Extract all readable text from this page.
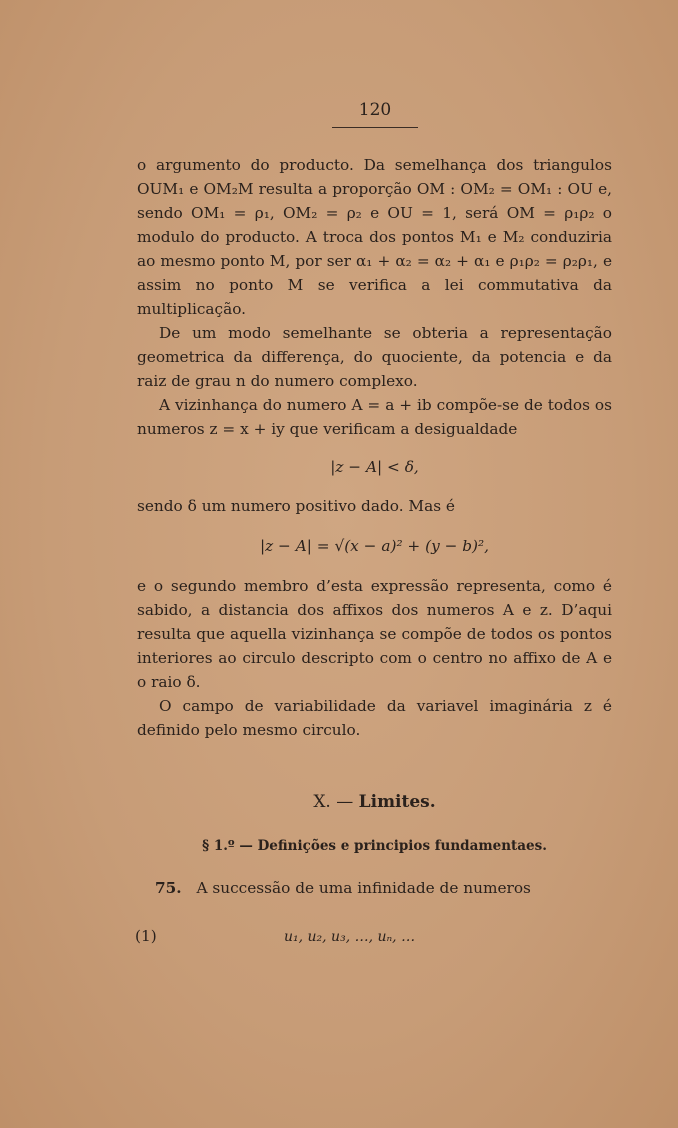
120

o argumento do producto. Da semelhança dos triangulos OUM₁ e OM₂M resulta a proporção OM : OM₂ = OM₁ : OU e, sendo OM₁ = ρ₁, OM₂ = ρ₂ e OU = 1, será OM = ρ₁ρ₂ o modulo do producto. A troca dos pontos M₁ e M₂ conduziria ao mesmo ponto M, por ser α₁ + α₂ = α₂ + α₁ e ρ₁ρ₂ = ρ₂ρ₁, e assim no ponto M se verifica a lei commutativa da multiplicação.

De um modo semelhante se obteria a representação geometrica da differença, do quociente, da potencia e da raiz de grau n do numero complexo.

A vizinhança do numero A = a + ib compõe-se de todos os numeros z = x + iy que verificam a desigualdade

|z − A| < δ,

sendo δ um numero positivo dado. Mas é

|z − A| = √(x − a)² + (y − b)²,

e o segundo membro d’esta expressão representa, como é sabido, a distancia dos affixos dos numeros A e z. D’aqui resulta que aquella vizinhança se compõe de todos os pontos interiores ao circulo descripto com o centro no affixo de A e o raio δ.

O campo de variabilidade da variavel imaginária z é definido pelo mesmo circulo.

X. — Limites.
§ 1.º — Definições e principios fundamentaes.
75. A successão de uma infinidade de numeros
(1)	u₁, u₂, u₃, …, uₙ, …
